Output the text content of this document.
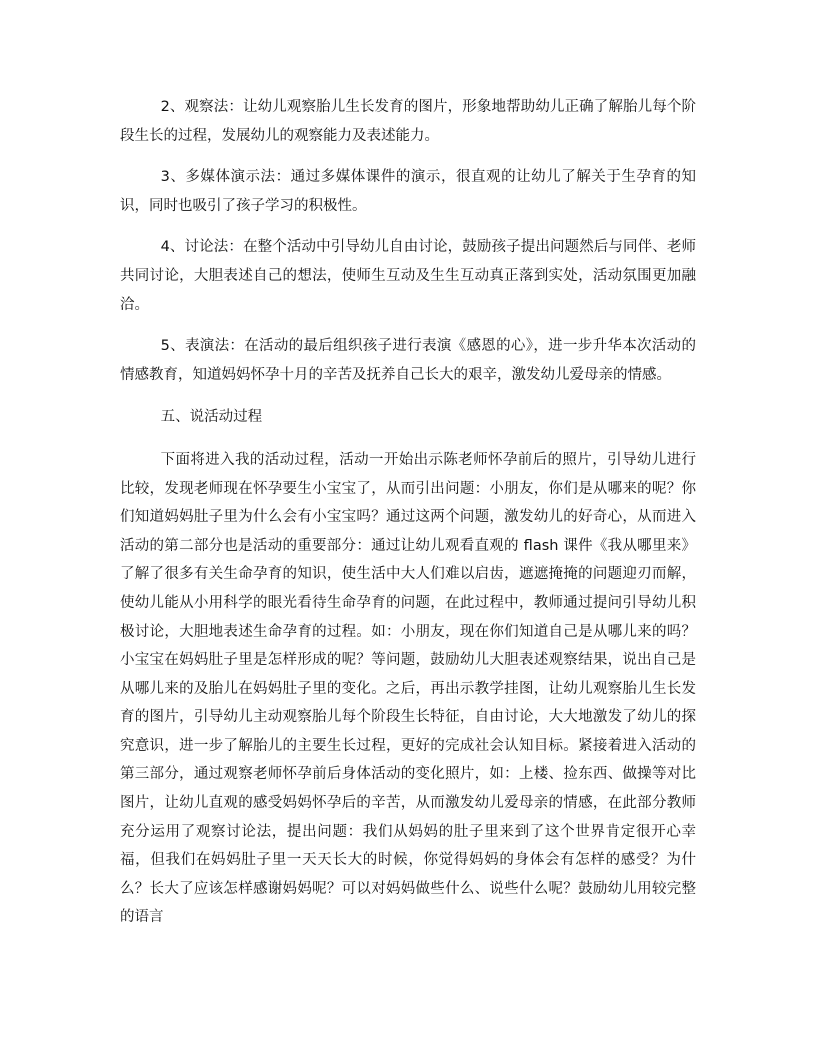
2、观察法：让幼儿观察胎儿生长发育的图片，形象地帮助幼儿正确了解胎儿每个阶段生长的过程，发展幼儿的观察能力及表述能力。

3、多媒体演示法：通过多媒体课件的演示，很直观的让幼儿了解关于生孕育的知识，同时也吸引了孩子学习的积极性。

4、讨论法：在整个活动中引导幼儿自由讨论，鼓励孩子提出问题然后与同伴、老师共同讨论，大胆表述自己的想法，使师生互动及生生互动真正落到实处，活动氛围更加融洽。

5、表演法：在活动的最后组织孩子进行表演《感恩的心》，进一步升华本次活动的情感教育，知道妈妈怀孕十月的辛苦及抚养自己长大的艰辛，激发幼儿爱母亲的情感。

五、说活动过程

下面将进入我的活动过程，活动一开始出示陈老师怀孕前后的照片，引导幼儿进行比较，发现老师现在怀孕要生小宝宝了，从而引出问题：小朋友，你们是从哪来的呢？你们知道妈妈肚子里为什么会有小宝宝吗？通过这两个问题，激发幼儿的好奇心，从而进入活动的第二部分也是活动的重要部分：通过让幼儿观看直观的 flash 课件《我从哪里来》了解了很多有关生命孕育的知识，使生活中大人们难以启齿，遮遮掩掩的问题迎刃而解，使幼儿能从小用科学的眼光看待生命孕育的问题，在此过程中，教师通过提问引导幼儿积极讨论，大胆地表述生命孕育的过程。如：小朋友，现在你们知道自己是从哪儿来的吗？小宝宝在妈妈肚子里是怎样形成的呢？等问题，鼓励幼儿大胆表述观察结果，说出自己是从哪儿来的及胎儿在妈妈肚子里的变化。之后，再出示教学挂图，让幼儿观察胎儿生长发育的图片，引导幼儿主动观察胎儿每个阶段生长特征，自由讨论，大大地激发了幼儿的探究意识，进一步了解胎儿的主要生长过程，更好的完成社会认知目标。紧接着进入活动的第三部分，通过观察老师怀孕前后身体活动的变化照片，如：上楼、捡东西、做操等对比图片，让幼儿直观的感受妈妈怀孕后的辛苦，从而激发幼儿爱母亲的情感，在此部分教师充分运用了观察讨论法，提出问题：我们从妈妈的肚子里来到了这个世界肯定很开心幸福，但我们在妈妈肚子里一天天长大的时候，你觉得妈妈的身体会有怎样的感受？为什么？长大了应该怎样感谢妈妈呢？可以对妈妈做些什么、说些什么呢？鼓励幼儿用较完整的语言
